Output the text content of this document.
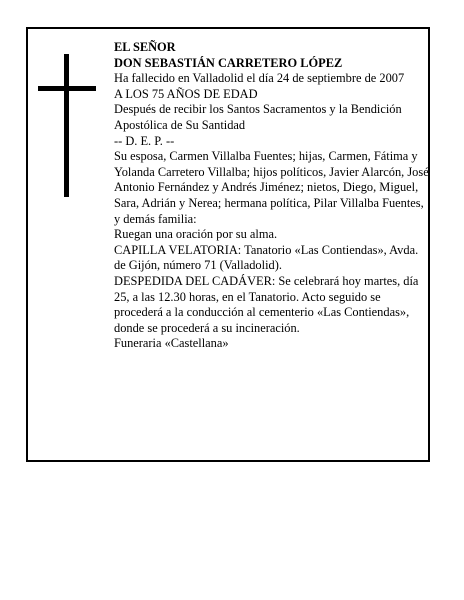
EL SEÑOR

DON SEBASTIÁN CARRETERO LÓPEZ

Ha fallecido en Valladolid el día 24 de septiembre de 2007

A LOS 75 AÑOS DE EDAD

Después de recibir los Santos Sacramentos y la Bendición Apostólica de Su Santidad

-- D. E. P. --

Su esposa, Carmen Villalba Fuentes; hijas, Carmen, Fátima y Yolanda Carretero Villalba; hijos políticos, Javier Alarcón, José Antonio Fernández y Andrés Jiménez; nietos, Diego, Miguel, Sara, Adrián y Nerea; hermana política, Pilar Villalba Fuentes, y demás familia:

Ruegan una oración por su alma.

CAPILLA VELATORIA: Tanatorio «Las Contiendas», Avda. de Gijón, número 71 (Valladolid).

DESPEDIDA DEL CADÁVER: Se celebrará hoy martes, día 25, a las 12.30 horas, en el Tanatorio. Acto seguido se procederá a la conducción al cementerio «Las Contiendas», donde se procederá a su incineración.

Funeraria «Castellana»
